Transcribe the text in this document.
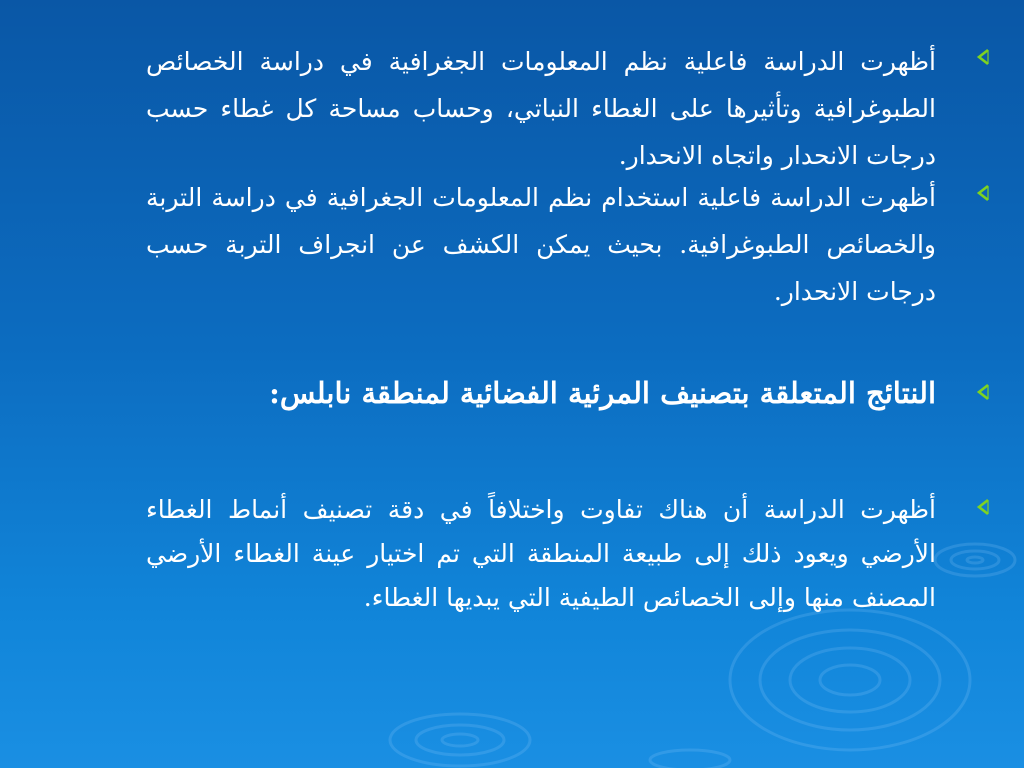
أظهرت الدراسة فاعلية نظم المعلومات الجغرافية في دراسة الخصائص الطبوغرافية وتأثيرها على الغطاء النباتي، وحساب مساحة كل غطاء حسب درجات الانحدار واتجاه الانحدار.
أظهرت الدراسة فاعلية استخدام نظم المعلومات الجغرافية في دراسة التربة والخصائص الطبوغرافية. بحيث يمكن الكشف عن انجراف التربة حسب درجات الانحدار.
النتائج المتعلقة بتصنيف المرئية الفضائية لمنطقة نابلس:
أظهرت الدراسة أن هناك تفاوت واختلافاً في دقة تصنيف أنماط الغطاء الأرضي ويعود ذلك إلى طبيعة المنطقة التي تم اختيار عينة الغطاء الأرضي المصنف منها وإلى الخصائص الطيفية التي يبديها الغطاء.
